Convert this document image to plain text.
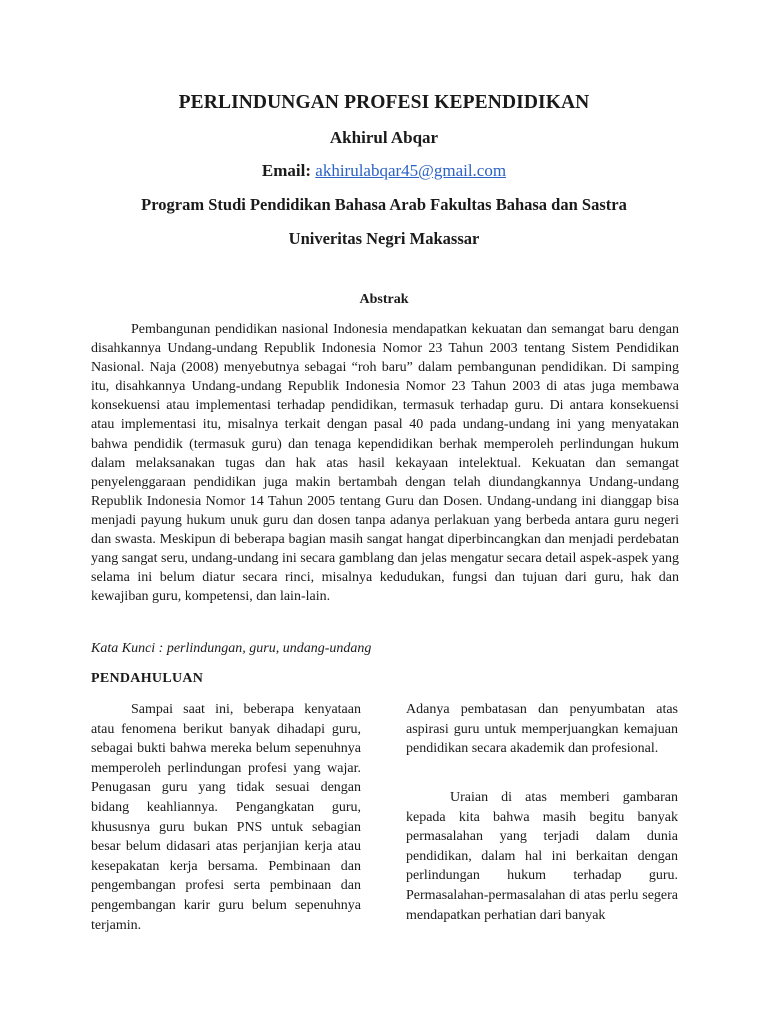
PERLINDUNGAN PROFESI KEPENDIDIKAN
Akhirul Abqar
Email: akhirulabqar45@gmail.com
Program Studi Pendidikan Bahasa Arab Fakultas Bahasa dan Sastra
Univeritas Negri Makassar
Abstrak

Pembangunan pendidikan nasional Indonesia mendapatkan kekuatan dan semangat baru dengan disahkannya Undang-undang Republik Indonesia Nomor 23 Tahun 2003 tentang Sistem Pendidikan Nasional. Naja (2008) menyebutnya sebagai “roh baru” dalam pembangunan pendidikan. Di samping itu, disahkannya Undang-undang Republik Indonesia Nomor 23 Tahun 2003 di atas juga membawa konsekuensi atau implementasi terhadap pendidikan, termasuk terhadap guru. Di antara konsekuensi atau implementasi itu, misalnya terkait dengan pasal 40 pada undang-undang ini yang menyatakan bahwa pendidik (termasuk guru) dan tenaga kependidikan berhak memperoleh perlindungan hukum dalam melaksanakan tugas dan hak atas hasil kekayaan intelektual. Kekuatan dan semangat penyelenggaraan pendidikan juga makin bertambah dengan telah diundangkannya Undang-undang Republik Indonesia Nomor 14 Tahun 2005 tentang Guru dan Dosen. Undang-undang ini dianggap bisa menjadi payung hukum unuk guru dan dosen tanpa adanya perlakuan yang berbeda antara guru negeri dan swasta. Meskipun di beberapa bagian masih sangat hangat diperbincangkan dan menjadi perdebatan yang sangat seru, undang-undang ini secara gamblang dan jelas mengatur secara detail aspek-aspek yang selama ini belum diatur secara rinci, misalnya kedudukan, fungsi dan tujuan dari guru, hak dan kewajiban guru, kompetensi, dan lain-lain.

Kata Kunci : perlindungan, guru, undang-undang
PENDAHULUAN

Sampai saat ini, beberapa kenyataan atau fenomena berikut banyak dihadapi guru, sebagai bukti bahwa mereka belum sepenuhnya memperoleh perlindungan profesi yang wajar. Penugasan guru yang tidak sesuai dengan bidang keahliannya. Pengangkatan guru, khususnya guru bukan PNS untuk sebagian besar belum didasari atas perjanjian kerja atau kesepakatan kerja bersama. Pembinaan dan pengembangan profesi serta pembinaan dan pengembangan karir guru belum sepenuhnya terjamin.

Adanya pembatasan dan penyumbatan atas aspirasi guru untuk memperjuangkan kemajuan pendidikan secara akademik dan profesional.

Uraian di atas memberi gambaran kepada kita bahwa masih begitu banyak permasalahan yang terjadi dalam dunia pendidikan, dalam hal ini berkaitan dengan perlindungan hukum terhadap guru. Permasalahan-permasalahan di atas perlu segera mendapatkan perhatian dari banyak
